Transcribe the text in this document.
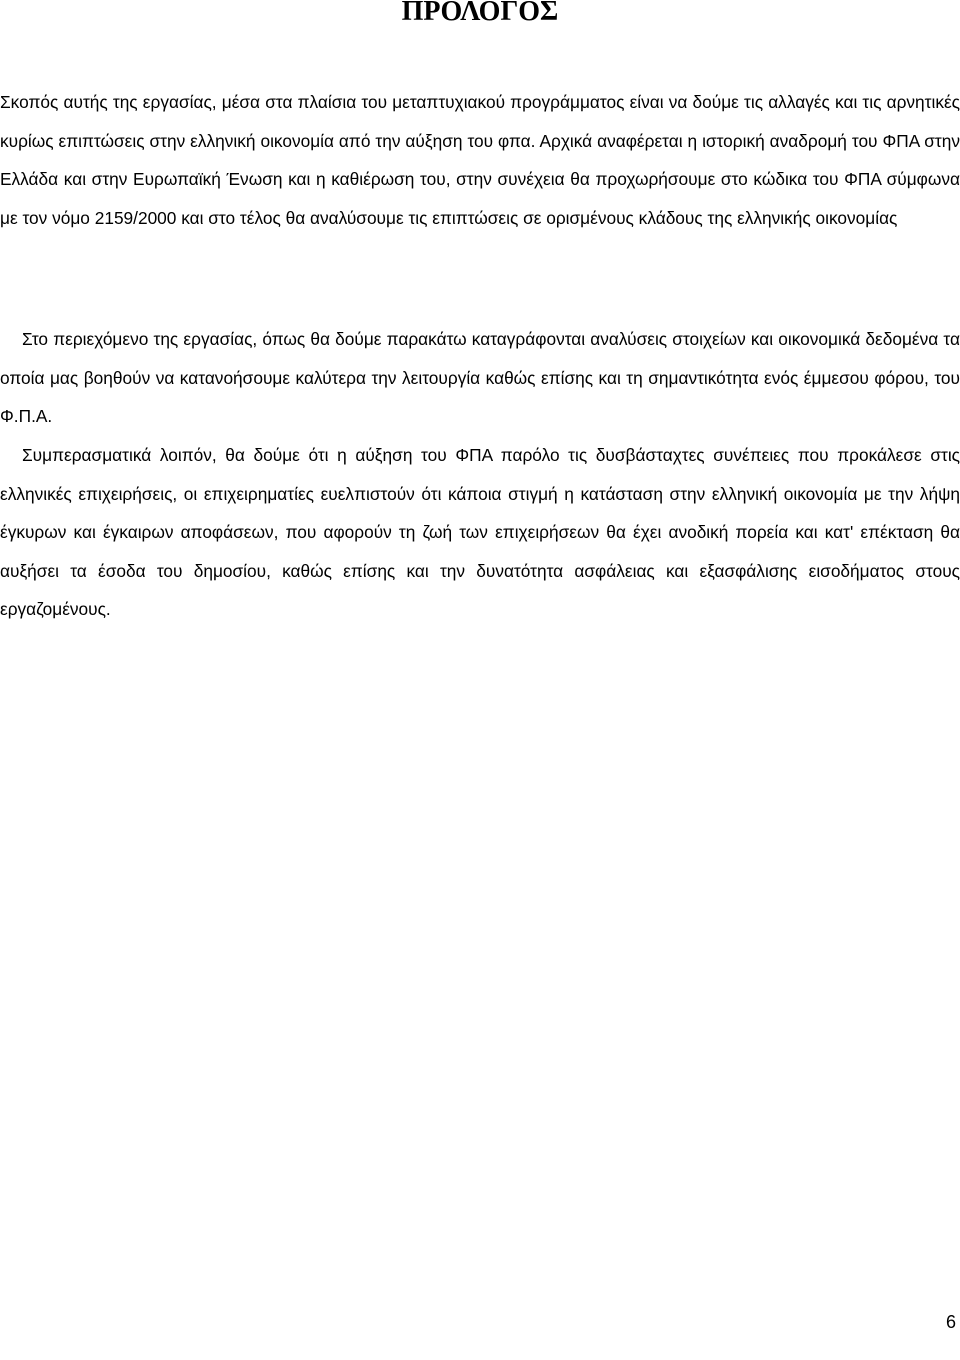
ΠΡΟΛΟΓΟΣ

Σκοπός αυτής της εργασίας, μέσα στα πλαίσια του μεταπτυχιακού προγράμματος είναι να δούμε τις αλλαγές και τις αρνητικές κυρίως επιπτώσεις στην ελληνική οικονομία από την αύξηση του φπα. Αρχικά αναφέρεται η ιστορική αναδρομή του ΦΠΑ στην Ελλάδα και στην Ευρωπαϊκή Ένωση και η καθιέρωση του, στην συνέχεια θα προχωρήσουμε στο κώδικα του ΦΠΑ σύμφωνα με τον νόμο 2159/2000 και στο τέλος θα αναλύσουμε τις επιπτώσεις σε ορισμένους κλάδους της ελληνικής οικονομίας

Στο περιεχόμενο της εργασίας, όπως θα δούμε παρακάτω καταγράφονται αναλύσεις στοιχείων και οικονομικά δεδομένα τα οποία μας βοηθούν να κατανοήσουμε καλύτερα την λειτουργία καθώς επίσης και τη σημαντικότητα ενός έμμεσου φόρου, του Φ.Π.Α.

Συμπερασματικά λοιπόν, θα δούμε ότι η αύξηση του ΦΠΑ παρόλο τις δυσβάσταχτες συνέπειες που προκάλεσε στις ελληνικές επιχειρήσεις, οι επιχειρηματίες ευελπιστούν ότι κάποια στιγμή η κατάσταση στην ελληνική οικονομία με την λήψη έγκυρων και έγκαιρων αποφάσεων, που αφορούν τη ζωή των επιχειρήσεων θα έχει ανοδική πορεία και κατ' επέκταση θα αυξήσει τα έσοδα του δημοσίου, καθώς επίσης και την δυνατότητα ασφάλειας και εξασφάλισης εισοδήματος στους εργαζομένους.

6
